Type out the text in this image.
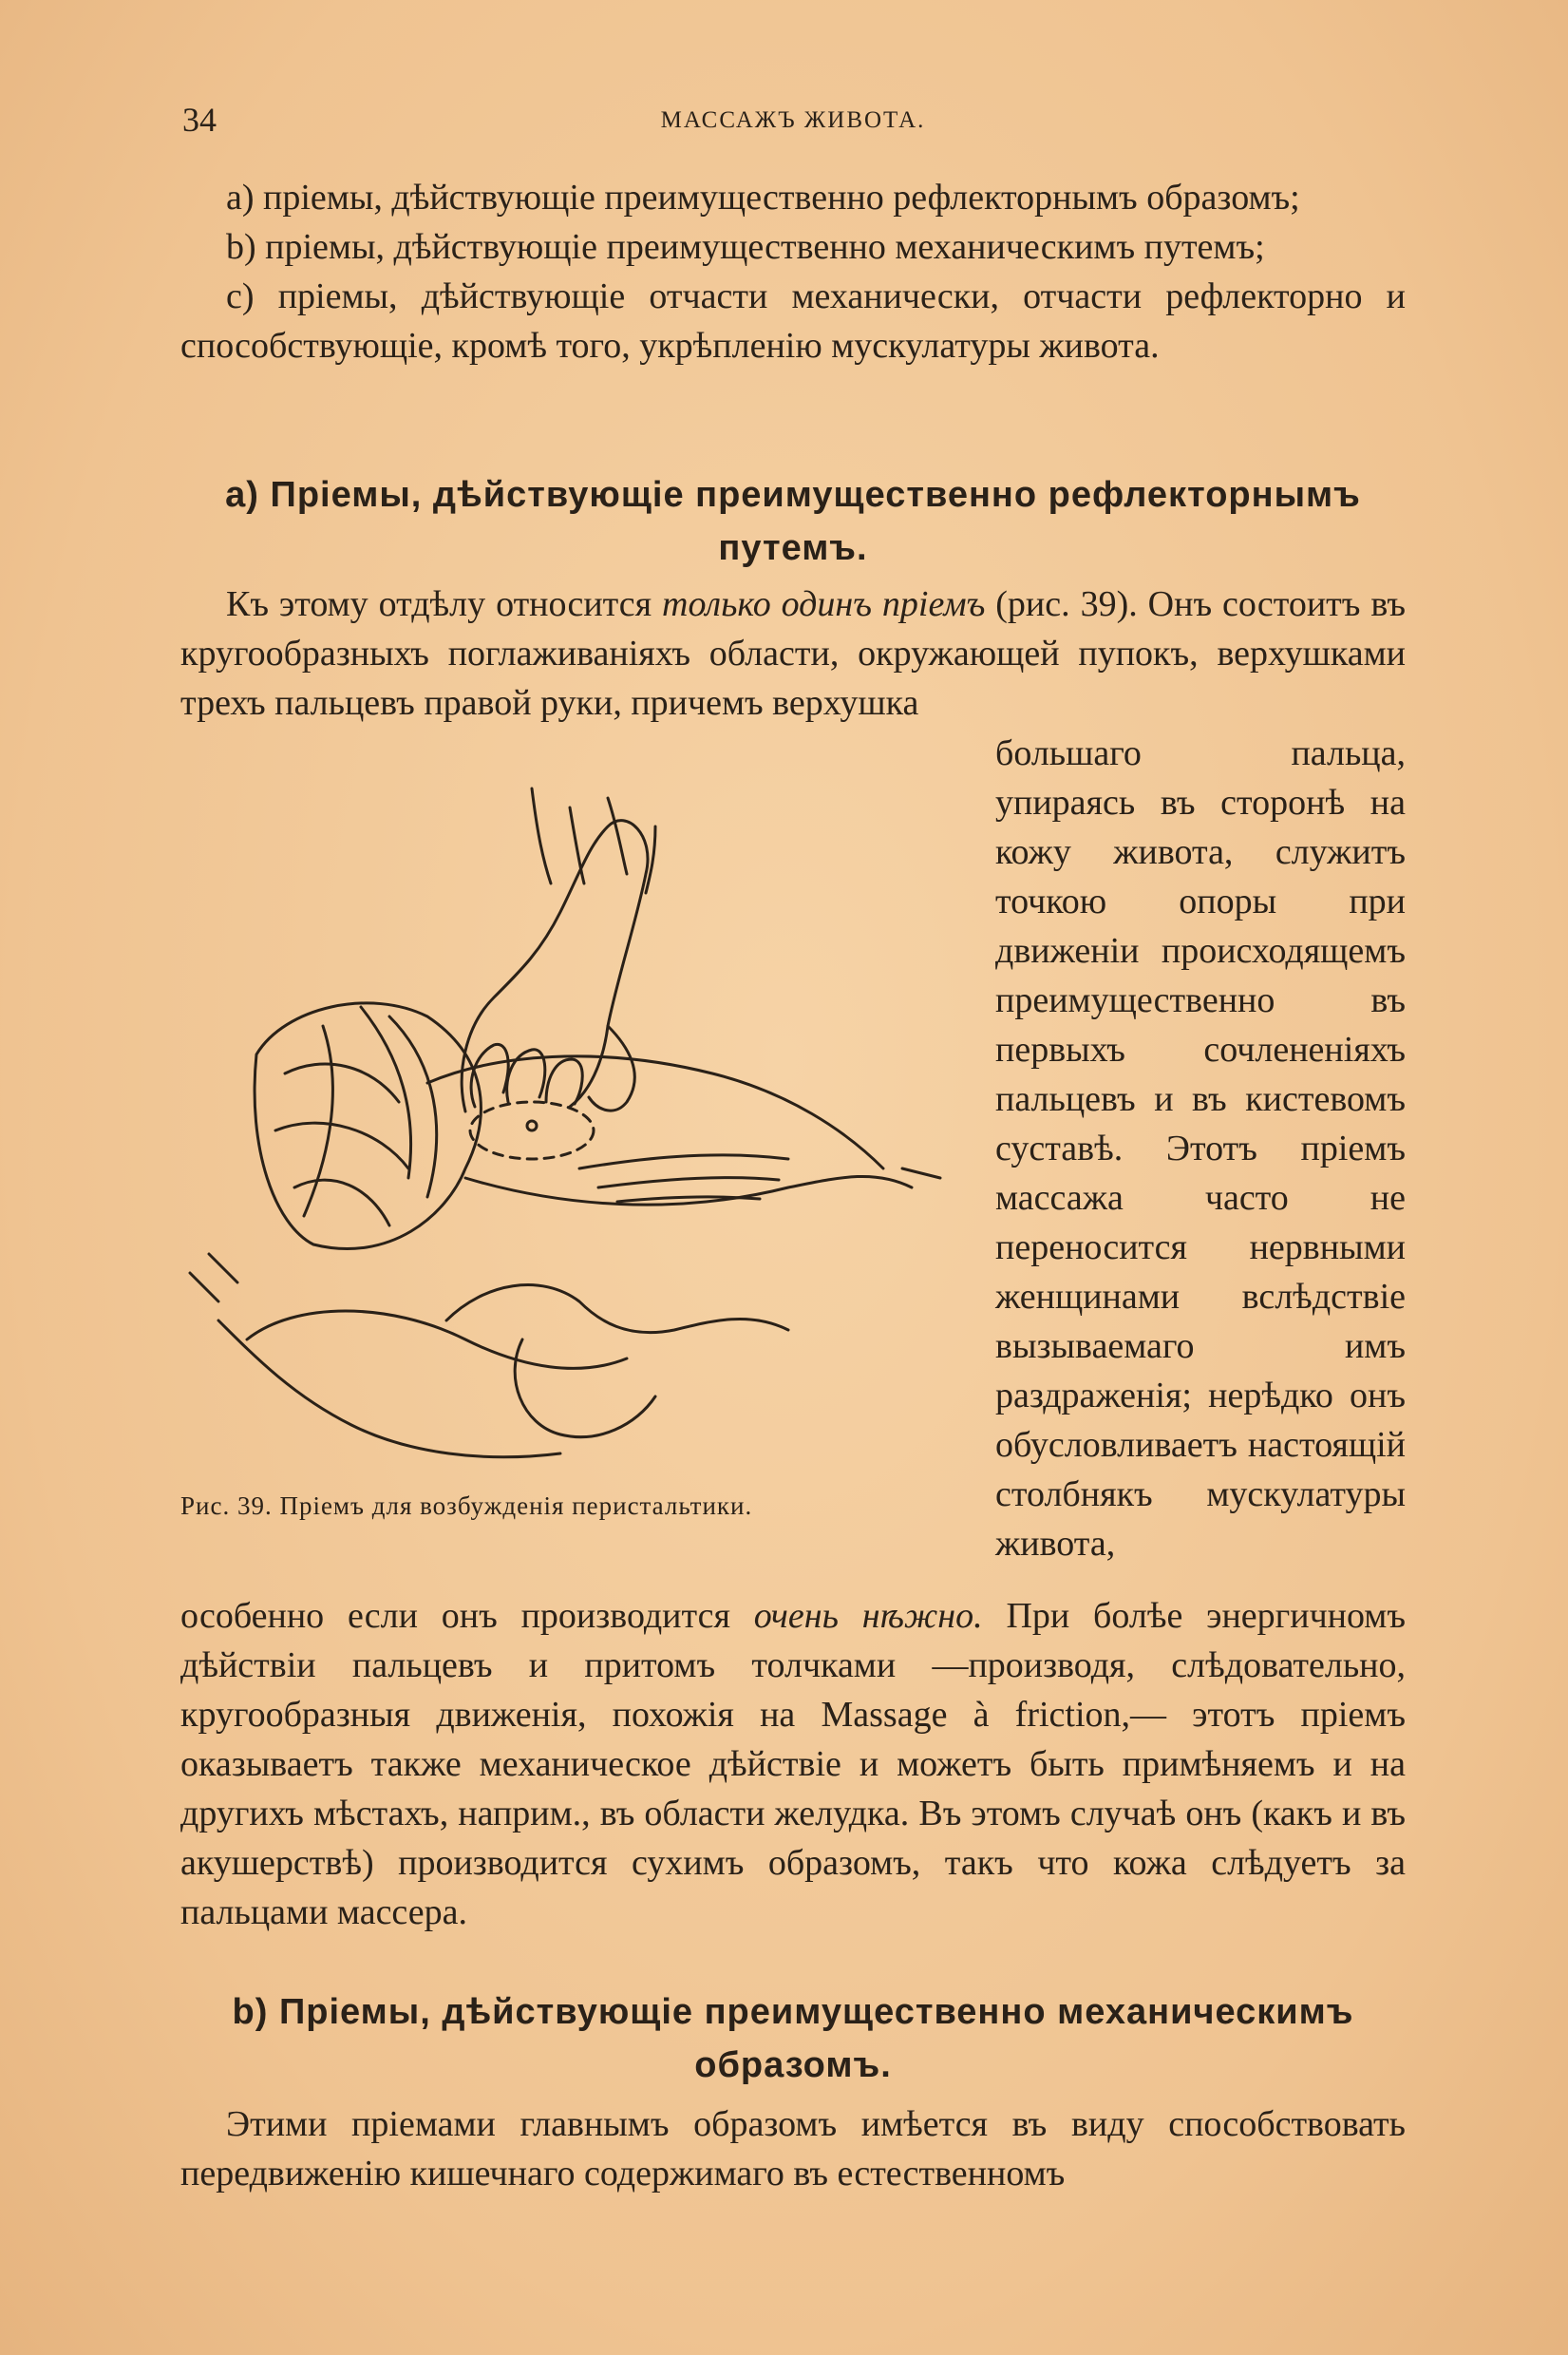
34	МАССАЖЪ ЖИВОТА.

а) пріемы, дѣйствующіе преимущественно рефлекторнымъ образомъ;

b) пріемы, дѣйствующіе преимущественно механическимъ путемъ;

c) пріемы, дѣйствующіе отчасти механически, отчасти рефлекторно и способствующіе, кромѣ того, укрѣпленію мускулатуры живота.

a) Пріемы, дѣйствующіе преимущественно рефлекторнымъ путемъ.

Къ этому отдѣлу относится только одинъ пріемъ (рис. 39). Онъ состоитъ въ кругообразныхъ поглаживаніяхъ области, окружающей пупокъ, верхушками трехъ пальцевъ правой руки, причемъ верхушка

Рис. 39. Пріемъ для возбужденія перистальтики.

большаго пальца, упираясь въ сторонѣ на кожу живота, служитъ точкою опоры при движеніи происходящемъ преимущественно въ первыхъ сочлененіяхъ пальцевъ и въ кистевомъ суставѣ. Этотъ пріемъ массажа часто не переносится нервными женщинами вслѣдствіе вызываемаго имъ раздраженія; нерѣдко онъ обусловливаетъ настоящій столбнякъ мускулатуры живота,

особенно если онъ производится очень нѣжно. При болѣе энергичномъ дѣйствіи пальцевъ и притомъ толчками —производя, слѣдовательно, кругообразныя движенія, похожія на Massage à friction,— этотъ пріемъ оказываетъ также механическое дѣйствіе и можетъ быть примѣняемъ и на другихъ мѣстахъ, наприм., въ области желудка. Въ этомъ случаѣ онъ (какъ и въ акушерствѣ) производится сухимъ образомъ, такъ что кожа слѣдуетъ за пальцами массера.

b) Пріемы, дѣйствующіе преимущественно механическимъ образомъ.

Этими пріемами главнымъ образомъ имѣется въ виду способствовать передвиженію кишечнаго содержимаго въ естественномъ
